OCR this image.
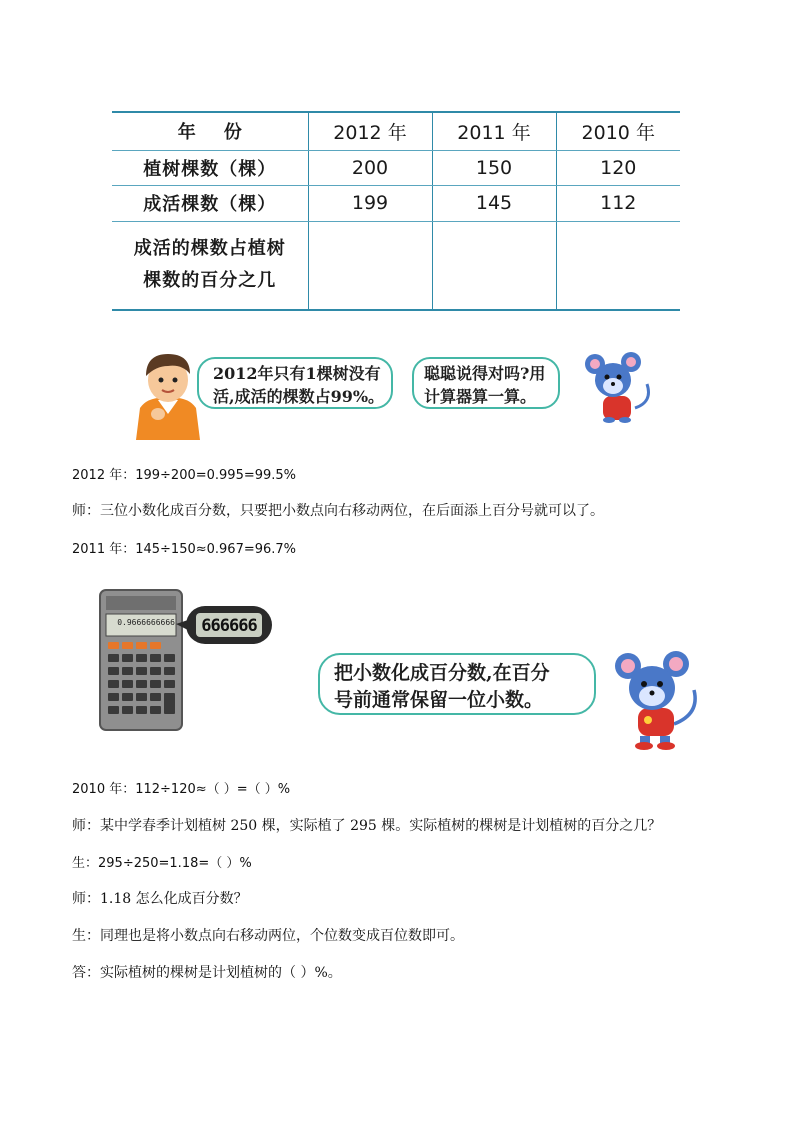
年份	2012 年	2011 年	2010 年
植树棵数（棵）	200	150	120
成活棵数（棵）	199	145	112

成活的棵数占植树
棵数的百分之几			

2012年只有1棵树没有
活,成活的棵数占99%。
聪聪说得对吗?用
计算器算一算。
2012 年：199÷200=0.995=99.5%
师：三位小数化成百分数，只要把小数点向右移动两位，在后面添上百分号就可以了。
2011 年：145÷150≈0.967=96.7%
0.9666666666	666666
把小数化成百分数,在百分
号前通常保留一位小数。
2010 年：112÷120≈（ ）=（ ）%
师：某中学春季计划植树 250 棵，实际植了 295 棵。实际植树的棵树是计划植树的百分之几？
生：295÷250=1.18=（ ）%
师：1.18 怎么化成百分数？
生：同理也是将小数点向右移动两位，个位数变成百位数即可。
答：实际植树的棵树是计划植树的（ ）%。
